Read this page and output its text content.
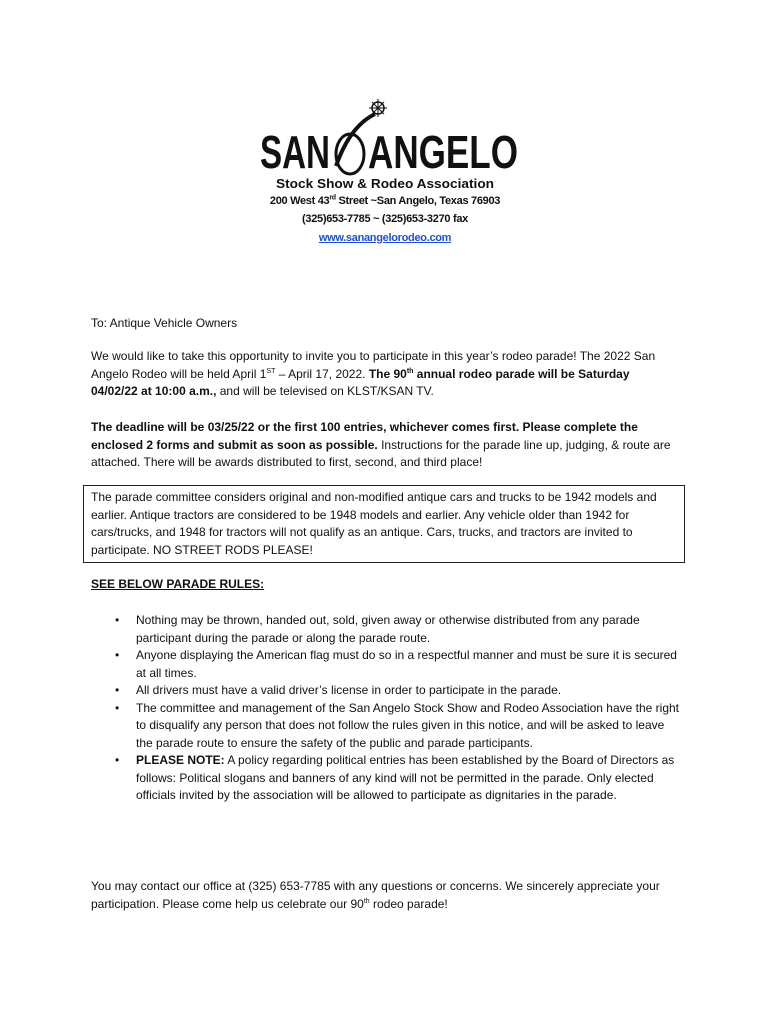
SAN ANGELO
Stock Show & Rodeo Association
200 West 43rd Street ~San Angelo, Texas 76903
(325)653-7785 ~ (325)653-3270 fax
www.sanangelorodeo.com
To: Antique Vehicle Owners
We would like to take this opportunity to invite you to participate in this year’s rodeo parade! The 2022 San Angelo Rodeo will be held April 1ST – April 17, 2022. The 90th annual rodeo parade will be Saturday 04/02/22 at 10:00 a.m., and will be televised on KLST/KSAN TV.
The deadline will be 03/25/22 or the first 100 entries, whichever comes first. Please complete the enclosed 2 forms and submit as soon as possible. Instructions for the parade line up, judging, & route are attached. There will be awards distributed to first, second, and third place!
The parade committee considers original and non-modified antique cars and trucks to be 1942 models and earlier. Antique tractors are considered to be 1948 models and earlier. Any vehicle older than 1942 for cars/trucks, and 1948 for tractors will not qualify as an antique. Cars, trucks, and tractors are invited to participate. NO STREET RODS PLEASE!
SEE BELOW PARADE RULES:
• Nothing may be thrown, handed out, sold, given away or otherwise distributed from any parade participant during the parade or along the parade route.
• Anyone displaying the American flag must do so in a respectful manner and must be sure it is secured at all times.
• All drivers must have a valid driver’s license in order to participate in the parade.
• The committee and management of the San Angelo Stock Show and Rodeo Association have the right to disqualify any person that does not follow the rules given in this notice, and will be asked to leave the parade route to ensure the safety of the public and parade participants.
• PLEASE NOTE: A policy regarding political entries has been established by the Board of Directors as follows: Political slogans and banners of any kind will not be permitted in the parade. Only elected officials invited by the association will be allowed to participate as dignitaries in the parade.
You may contact our office at (325) 653-7785 with any questions or concerns. We sincerely appreciate your participation. Please come help us celebrate our 90th rodeo parade!
